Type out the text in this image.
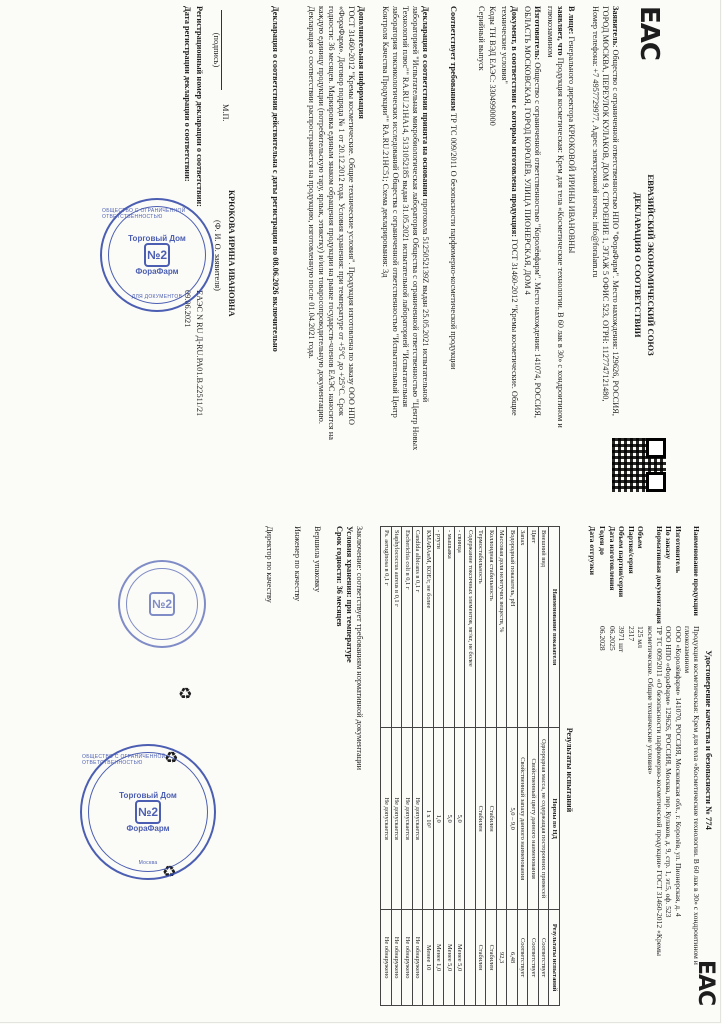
EAC
ЕВРАЗИЙСКИЙ ЭКОНОМИЧЕСКИЙ СОЮЗ
ДЕКЛАРАЦИЯ О СООТВЕТСТВИИ
Заявитель: Общество с ограниченной ответственностью НПО "ФораФарм". Место нахождения: 129626, РОССИЯ, ГОРОД МОСКВА, ПЕРЕУЛОК КУЛАКОВ, ДОМ 9, СТРОЕНИЕ 1, ЭТАЖ 5 ОФИС 523, ОГРН: 1127747121480, Номер телефона: +7 4957729977, Адрес электронной почты: info@foralam.ru
В лице: Генерального директора КРЮКОВОЙ ИРИНЫ ИВАНОВНЫ
заявляет, что Продукция косметическая: Крем для тела «Косметические технологии. В 60 лак в 30» с хондроитином и глюкозамином
Изготовитель: Общество с ограниченной ответственностью "Королёвфарм". Место нахождения: 141074, РОССИЯ, ОБЛАСТЬ МОСКОВСКАЯ, ГОРОД КОРОЛЁВ, УЛИЦА ПИОНЕРСКАЯ, ДОМ 4
Документ, в соответствии с которым изготовлена продукция: ГОСТ 31460-2012 "Кремы косметические. Общие технические условия"
Коды ТН ВЭД ЕАЭС: 3304990000
Серийный выпуск
Соответствует требованиям ТР ТС 009/2011 О безопасности парфюмерно-косметической продукции
Декларация о соответствии принята на основании протокола 5125052139Z выдан 25.05.2021 испытательной лабораторией "Испытательная микробиологическая лаборатория Общества с ограниченной ответственностью "Центр Новых Технологий плюс"" RA.RU.21HA14, 5131052185 выдан 31.05.2021 испытательной лабораторией "Испытательная лаборатория токсикологических исследований Общества с ограниченной ответственностью "Испытательный Центр Контроля Качества Продукции"" RA.RU.21HC51; Схема декларирования: 3д
Дополнительная информация
ГОСТ 31460-2012 "Кремы косметические. Общие технические условия". Продукция изготовлена по заказу ООО НПО «ФораФарм». Договор подряда № 1 от 20.12.2012 года. Условия хранения: при температуре от +5°С до +25°С. Срок годности: 36 месяцев. Маркировка единым знаком обращения продукции на рынке государств-членов ЕАЭС наносится на каждую единицу продукции (потребительскую тару, ярлык, этикетку) и/или товаросопроводительную документацию. Декларация о соответствии распространяется на продукцию, изготовленную после 01.04.2021 года.
Декларация о соответствии действительна с даты регистрации по 08.06.2026 включительно
(подпись)
М.П.
КРЮКОВА ИРИНА ИВАНОВНА
(Ф. И. О. заявителя)
Регистрационный номер декларации о соответствии:
ЕАЭС N RU Д-RU.РА01.В.22511/21
Дата регистрации декларации о соответствии:
09.06.2021
ОБЩЕСТВО С ОГРАНИЧЕННОЙ ОТВЕТСТВЕННОСТЬЮ
Торговый Дом
№2
ФораФарм
ДЛЯ ДОКУМЕНТОВ
Удостоверение качества и безопасности № 774
EAC
Наименование продукции
Продукция косметическая: Крем для тела «Косметические технологии. В 60 лак в 30» с хондроитином и глюкозамином
Изготовитель
ООО «Королёвфарм» 141070, РОССИЯ, Московская обл., г. Королёв, ул. Пионерская, д. 4
По заказу
ООО НПО «ФораФарм» 129626, РОССИЯ, Москва, пер. Кулаков, д. 9, стр. 1, эт.5, оф. 523
Нормативная документация
ТР ТС 009/2011 «О безопасности парфюмерно-косметической продукции» ГОСТ 31460-2012 «Кремы косметические. Общие технические условия»
Объем
125 мл
Партия/серия
2317
Объем партии/серии
3971 шт
Дата изготовления
06.2025
Годен до
06.2028
Дата отгрузки
Результаты испытаний
Наименование показателя	Нормы по НД	Результаты испытаний
Внешний вид	Однородная масса, не содержащая посторонних примесей	Соответствует
Цвет	Свойственный цвету данного наименования	Соответствует
Запах	Свойственный запаху данного наименования	Соответствует
Водородный показатель, рН	5,0 – 9,0	6,48
Массовая доля нелетучих веществ, %		92,3
Коллоидная стабильность	Стабилен	Стабилен
Термостабильность	Стабилен	Стабилен
Содержание токсичных элементов, мг/кг, не более		
- свинца	5,0	Менее 5,0
- мышьяка	5,0	Менее 5,0
- ртути	1,0	Менее 1,0
КМАФАнМ, КОЕ/г, не более	1 х 10³	Менее 10
Candida albicans в 0,1 г	Не допускается	Не обнаружено
Escherichia coli в 0,1 г	Не допускается	Не обнаружено
Staphylococcus aureus в 0,1 г	Не допускается	Не обнаружено
Ps. aeruginosa в 0,1 г	Не допускается	Не обнаружено
Заключение: соответствует требованиям нормативной документации
Условия хранения: при температуре
Срок годности: 36 месяцев
Вершила упаковку
Инженер по качеству
Директор по качеству
♻
♻
♻
№2
ОБЩЕСТВО С ОГРАНИЧЕННОЙ ОТВЕТСТВЕННОСТЬЮ
Торговый Дом
№2
ФораФарм
Москва
